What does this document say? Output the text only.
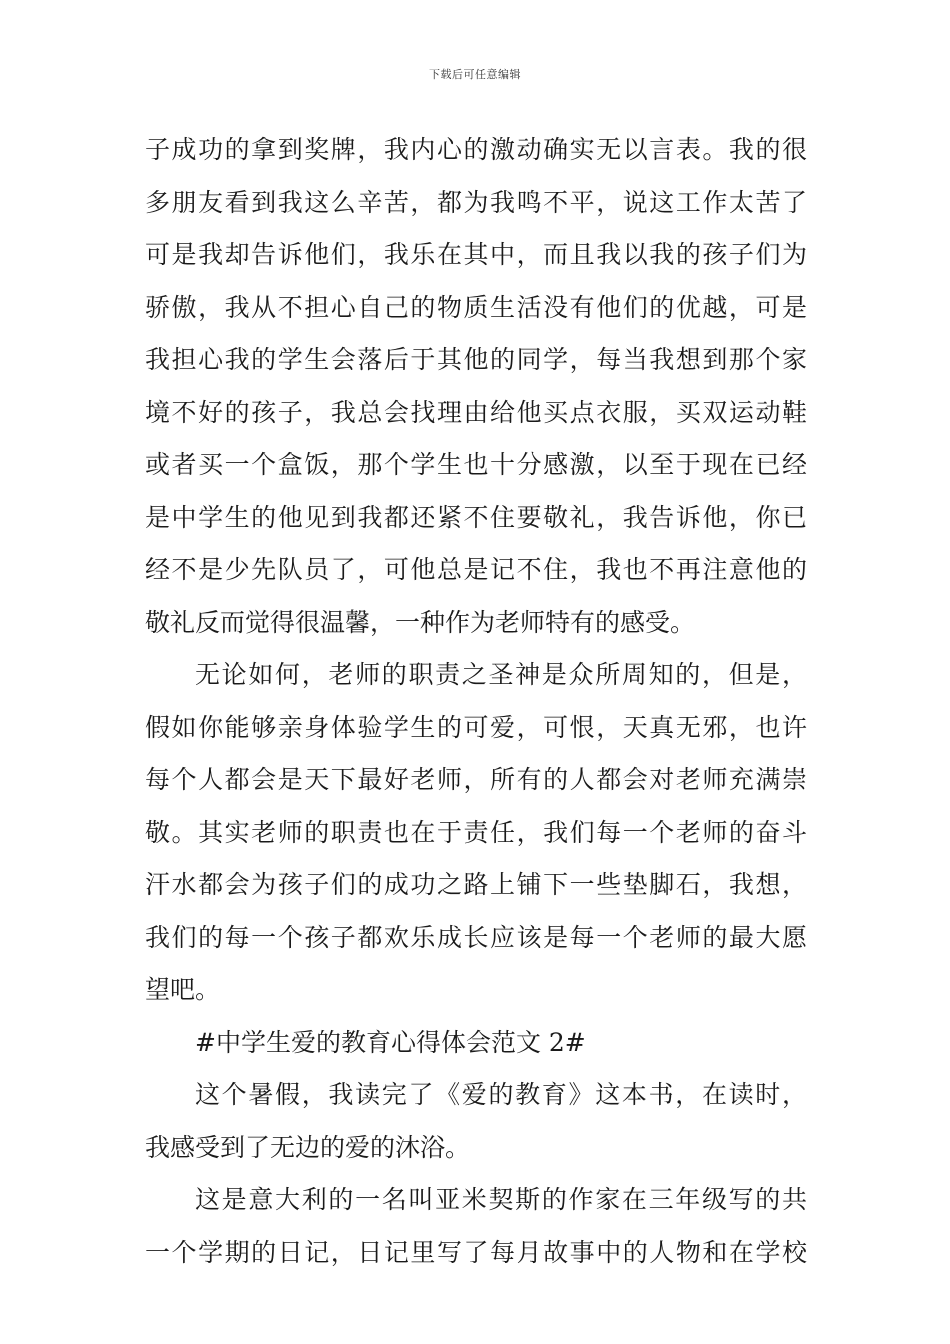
下载后可任意编辑
子成功的拿到奖牌，我内心的激动确实无以言表。我的很
多朋友看到我这么辛苦，都为我鸣不平，说这工作太苦了
可是我却告诉他们，我乐在其中，而且我以我的孩子们为
骄傲，我从不担心自己的物质生活没有他们的优越，可是
我担心我的学生会落后于其他的同学，每当我想到那个家
境不好的孩子，我总会找理由给他买点衣服，买双运动鞋
或者买一个盒饭，那个学生也十分感激，以至于现在已经
是中学生的他见到我都还紧不住要敬礼，我告诉他，你已
经不是少先队员了，可他总是记不住，我也不再注意他的
敬礼反而觉得很温馨，一种作为老师特有的感受。
无论如何，老师的职责之圣神是众所周知的，但是，
假如你能够亲身体验学生的可爱，可恨，天真无邪，也许
每个人都会是天下最好老师，所有的人都会对老师充满崇
敬。其实老师的职责也在于责任，我们每一个老师的奋斗
汗水都会为孩子们的成功之路上铺下一些垫脚石，我想，
我们的每一个孩子都欢乐成长应该是每一个老师的最大愿
望吧。
#中学生爱的教育心得体会范文 2#
这个暑假，我读完了《爱的教育》这本书，在读时，
我感受到了无边的爱的沐浴。
这是意大利的一名叫亚米契斯的作家在三年级写的共
一个学期的日记，日记里写了每月故事中的人物和在学校
